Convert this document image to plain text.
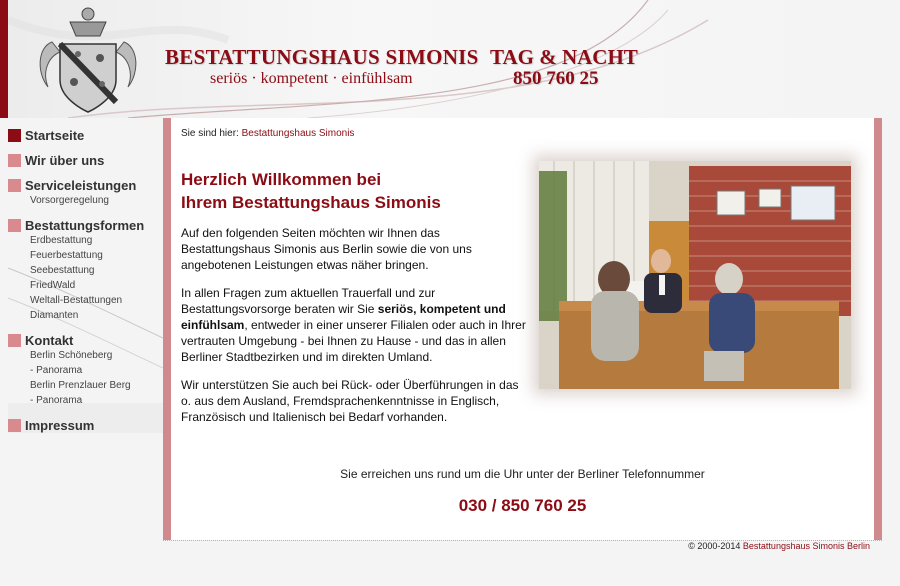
BESTATTUNGSHAUS SIMONIS
seriös · kompetent · einfühlsam
TAG & NACHT
850 760 25
Startseite
Wir über uns
Serviceleistungen
Vorsorgeregelung
Bestattungsformen
Erdbestattung
Feuerbestattung
Seebestattung
FriedWald
Weltall-Bestattungen
Diamanten
Kontakt
Berlin Schöneberg
- Panorama
Berlin Prenzlauer Berg
- Panorama
Impressum
Sie sind hier: Bestattungshaus Simonis
Herzlich Willkommen bei
Ihrem Bestattungshaus Simonis

Auf den folgenden Seiten möchten wir Ihnen das Bestattungshaus Simonis aus Berlin sowie die von uns angebotenen Leistungen etwas näher bringen.

In allen Fragen zum aktuellen Trauerfall und zur Bestattungsvorsorge beraten wir Sie seriös, kompetent und einfühlsam, entweder in einer unserer Filialen oder auch in Ihrer vertrauten Umgebung - bei Ihnen zu Hause - und das in allen Berliner Stadtbezirken und im direkten Umland.

Wir unterstützen Sie auch bei Rück- oder Überführungen in das o. aus dem Ausland, Fremdsprachenkenntnisse in Englisch, Französisch und Italienisch bei Bedarf vorhanden.

Sie erreichen uns rund um die Uhr unter der Berliner Telefonnummer
030 / 850 760 25
© 2000-2014 Bestattungshaus Simonis Berlin
